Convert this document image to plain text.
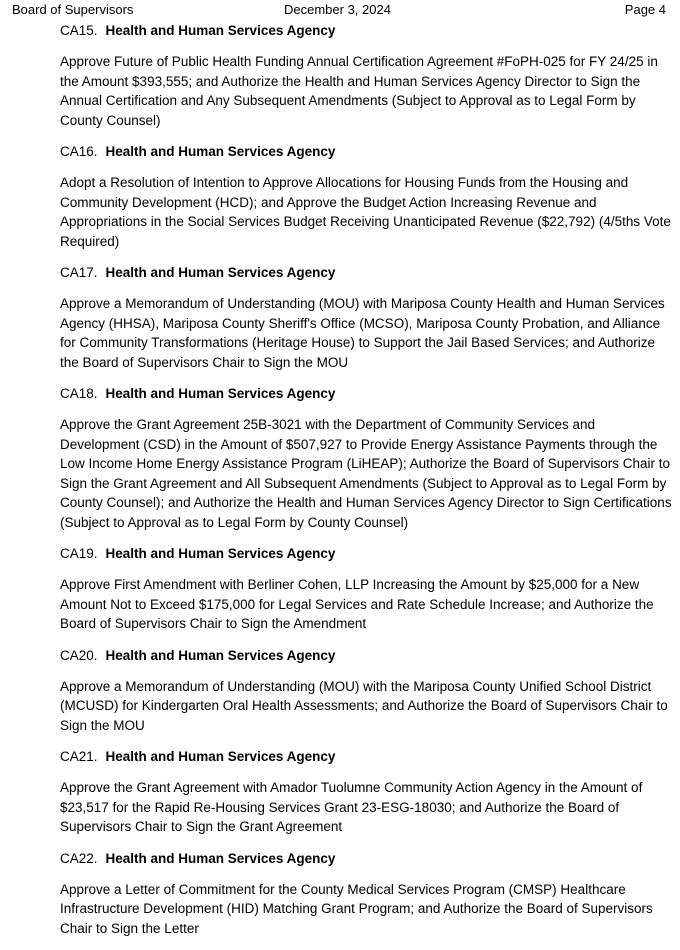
Board of Supervisors	December 3, 2024	Page 4
CA15. Health and Human Services Agency
Approve Future of Public Health Funding Annual Certification Agreement #FoPH-025 for FY 24/25 in the Amount $393,555; and Authorize the Health and Human Services Agency Director to Sign the Annual Certification and Any Subsequent Amendments (Subject to Approval as to Legal Form by County Counsel)
CA16. Health and Human Services Agency
Adopt a Resolution of Intention to Approve Allocations for Housing Funds from the Housing and Community Development (HCD); and Approve the Budget Action Increasing Revenue and Appropriations in the Social Services Budget Receiving Unanticipated Revenue ($22,792) (4/5ths Vote Required)
CA17. Health and Human Services Agency
Approve a Memorandum of Understanding (MOU) with Mariposa County Health and Human Services Agency (HHSA), Mariposa County Sheriff's Office (MCSO), Mariposa County Probation, and Alliance for Community Transformations (Heritage House) to Support the Jail Based Services; and Authorize the Board of Supervisors Chair to Sign the MOU
CA18. Health and Human Services Agency
Approve the Grant Agreement 25B-3021 with the Department of Community Services and Development (CSD) in the Amount of $507,927 to Provide Energy Assistance Payments through the Low Income Home Energy Assistance Program (LiHEAP); Authorize the Board of Supervisors Chair to Sign the Grant Agreement and All Subsequent Amendments (Subject to Approval as to Legal Form by County Counsel); and Authorize the Health and Human Services Agency Director to Sign Certifications (Subject to Approval as to Legal Form by County Counsel)
CA19. Health and Human Services Agency
Approve First Amendment with Berliner Cohen, LLP Increasing the Amount by $25,000 for a New Amount Not to Exceed $175,000 for Legal Services and Rate Schedule Increase; and Authorize the Board of Supervisors Chair to Sign the Amendment
CA20. Health and Human Services Agency
Approve a Memorandum of Understanding (MOU) with the Mariposa County Unified School District (MCUSD) for Kindergarten Oral Health Assessments; and Authorize the Board of Supervisors Chair to Sign the MOU
CA21. Health and Human Services Agency
Approve the Grant Agreement with Amador Tuolumne Community Action Agency in the Amount of $23,517 for the Rapid Re-Housing Services Grant 23-ESG-18030; and Authorize the Board of Supervisors Chair to Sign the Grant Agreement
CA22. Health and Human Services Agency
Approve a Letter of Commitment for the County Medical Services Program (CMSP) Healthcare Infrastructure Development (HID) Matching Grant Program; and Authorize the Board of Supervisors Chair to Sign the Letter
